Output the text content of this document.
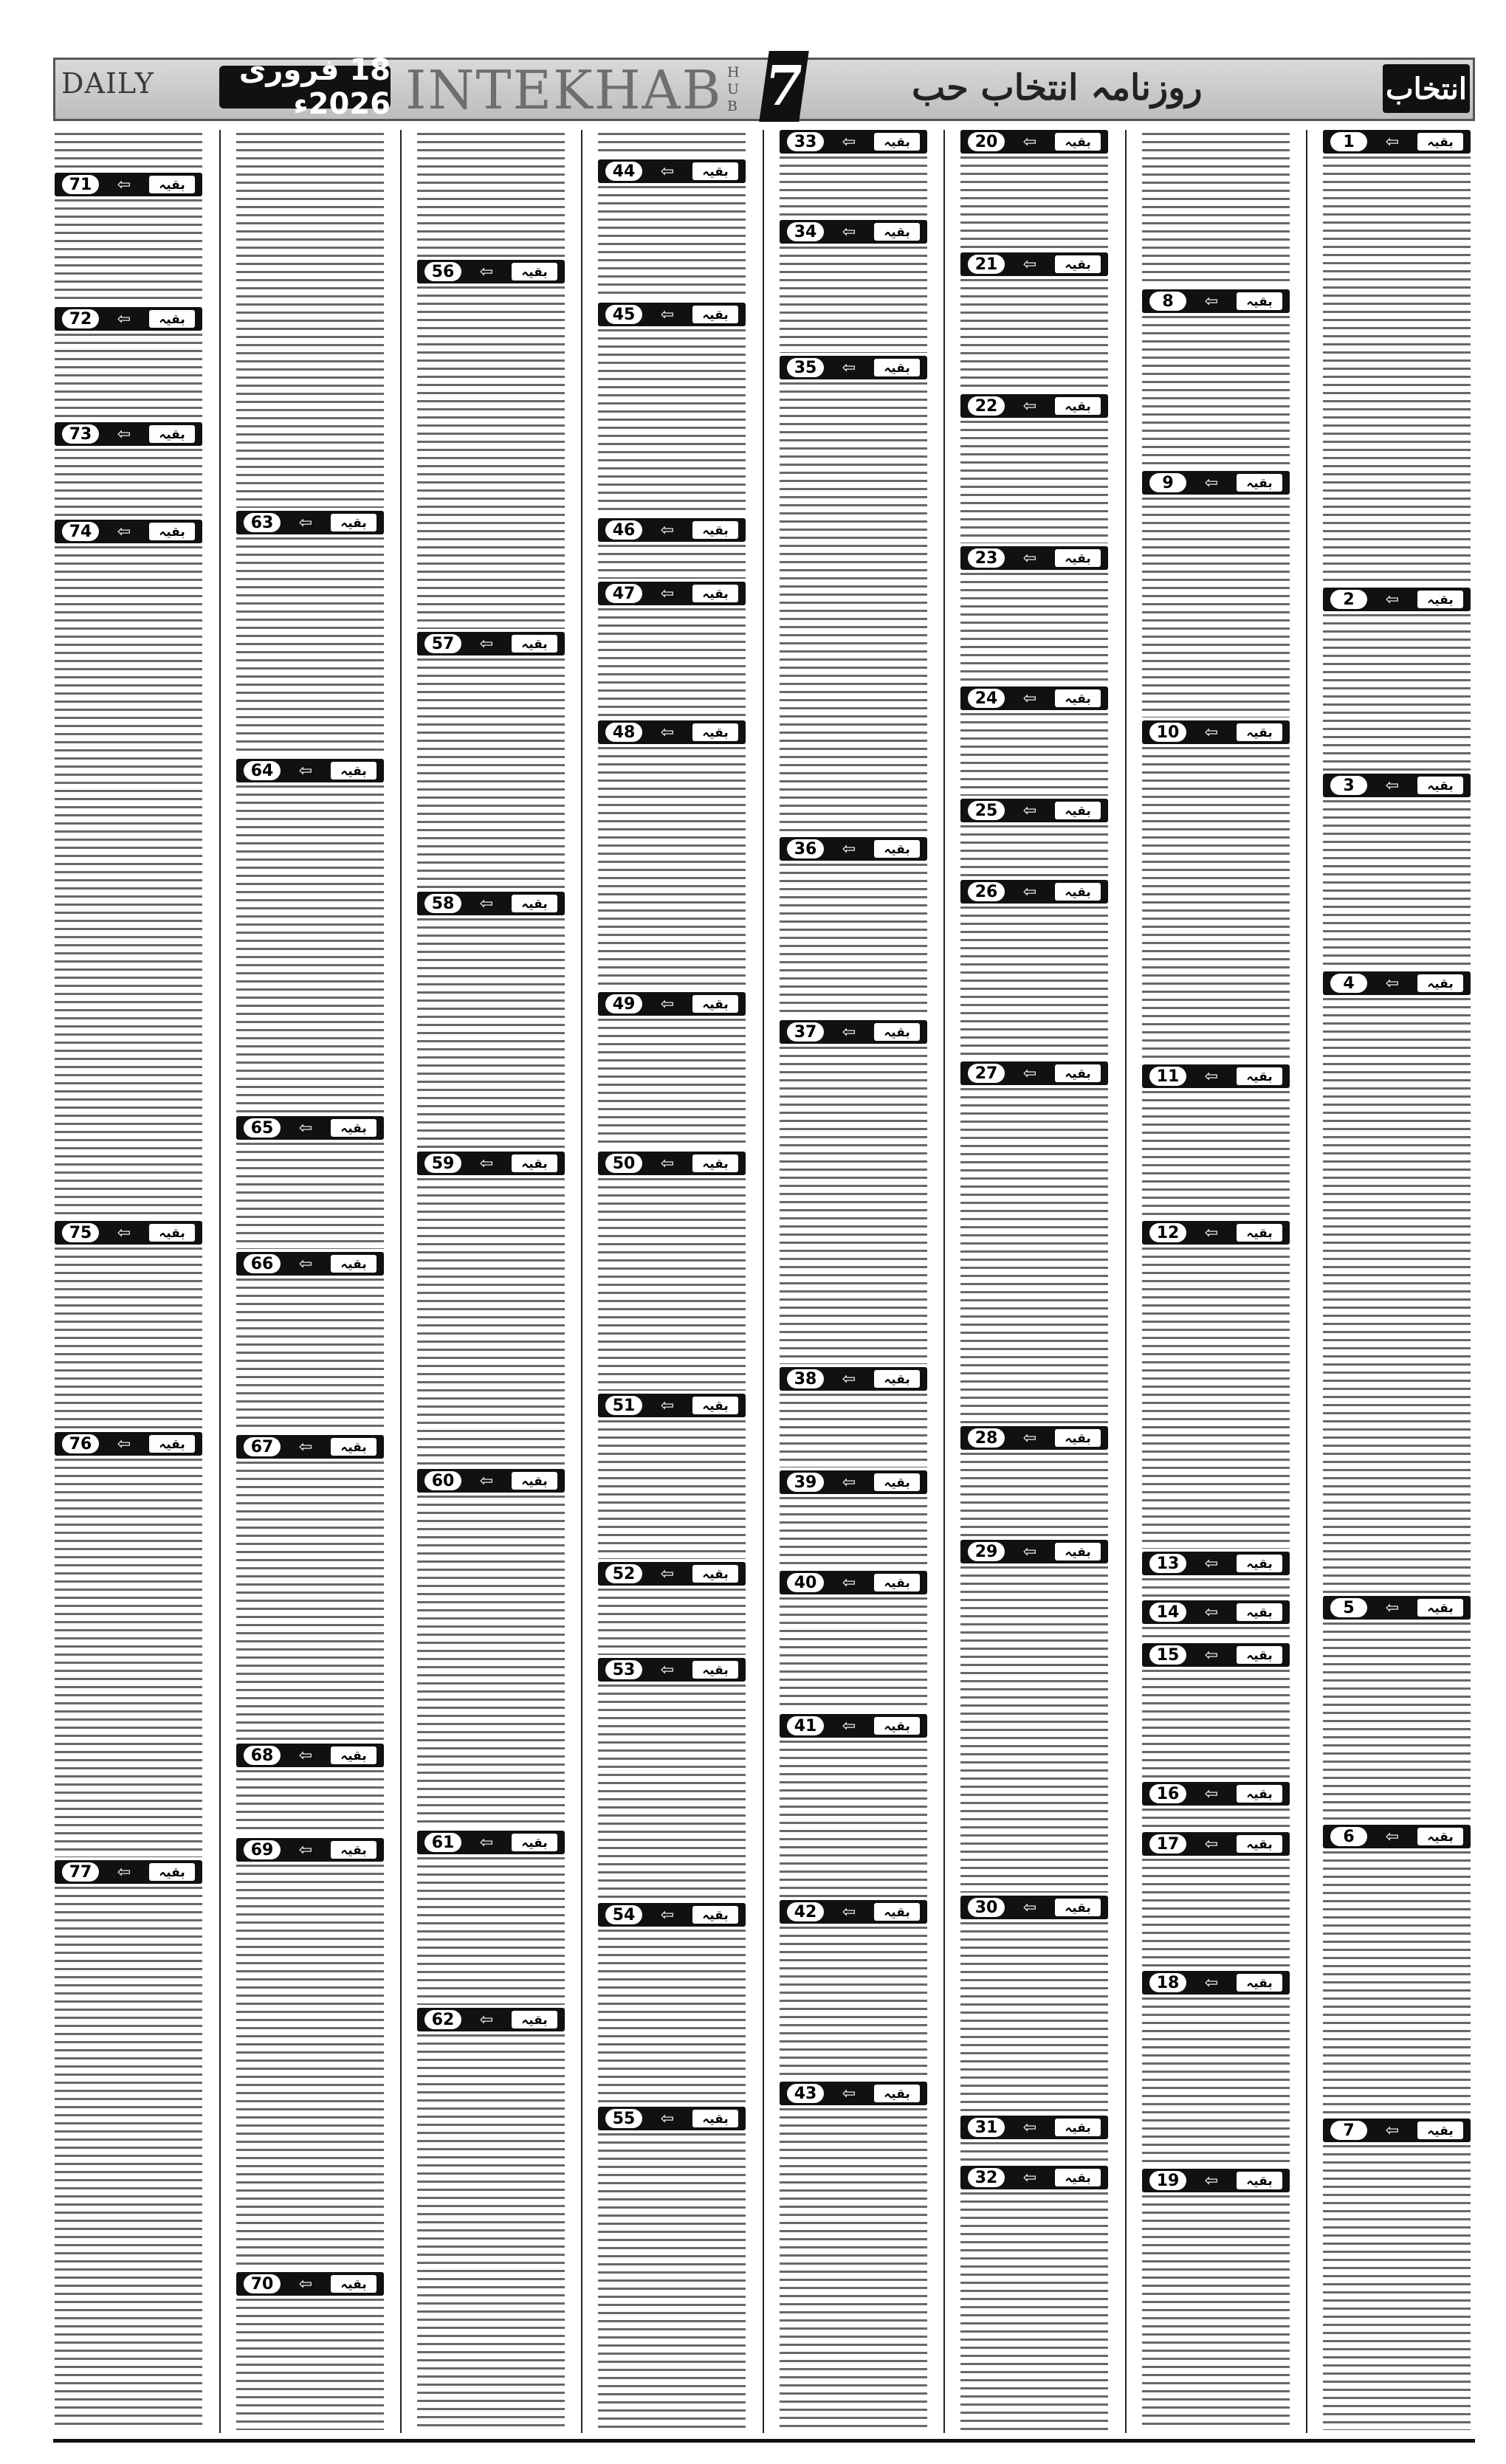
DAILY	18 فروری 2026ء INTEKHAB HUB 7	روزنامہ انتخاب حب	انتخاب
1	⇦	بقیہ
2	⇦	بقیہ
3	⇦	بقیہ
4	⇦	بقیہ
5	⇦	بقیہ
6	⇦	بقیہ
7	⇦	بقیہ
8	⇦	بقیہ
9	⇦	بقیہ
10	⇦	بقیہ
11	⇦	بقیہ
12	⇦	بقیہ
13	⇦	بقیہ
14	⇦	بقیہ
15	⇦	بقیہ
16	⇦	بقیہ
17	⇦	بقیہ
18	⇦	بقیہ
19	⇦	بقیہ
20	⇦	بقیہ
21	⇦	بقیہ
22	⇦	بقیہ
23	⇦	بقیہ
24	⇦	بقیہ
25	⇦	بقیہ
26	⇦	بقیہ
27	⇦	بقیہ
28	⇦	بقیہ
29	⇦	بقیہ
30	⇦	بقیہ
31	⇦	بقیہ
32	⇦	بقیہ
33	⇦	بقیہ
34	⇦	بقیہ
35	⇦	بقیہ
36	⇦	بقیہ
37	⇦	بقیہ
38	⇦	بقیہ
39	⇦	بقیہ
40	⇦	بقیہ
41	⇦	بقیہ
42	⇦	بقیہ
43	⇦	بقیہ
44	⇦	بقیہ
45	⇦	بقیہ
46	⇦	بقیہ
47	⇦	بقیہ
48	⇦	بقیہ
49	⇦	بقیہ
50	⇦	بقیہ
51	⇦	بقیہ
52	⇦	بقیہ
53	⇦	بقیہ
54	⇦	بقیہ
55	⇦	بقیہ
56	⇦	بقیہ
57	⇦	بقیہ
58	⇦	بقیہ
59	⇦	بقیہ
60	⇦	بقیہ
61	⇦	بقیہ
62	⇦	بقیہ
63	⇦	بقیہ
64	⇦	بقیہ
65	⇦	بقیہ
66	⇦	بقیہ
67	⇦	بقیہ
68	⇦	بقیہ
69	⇦	بقیہ
70	⇦	بقیہ
71	⇦	بقیہ
72	⇦	بقیہ
73	⇦	بقیہ
74	⇦	بقیہ
75	⇦	بقیہ
76	⇦	بقیہ
77	⇦	بقیہ
